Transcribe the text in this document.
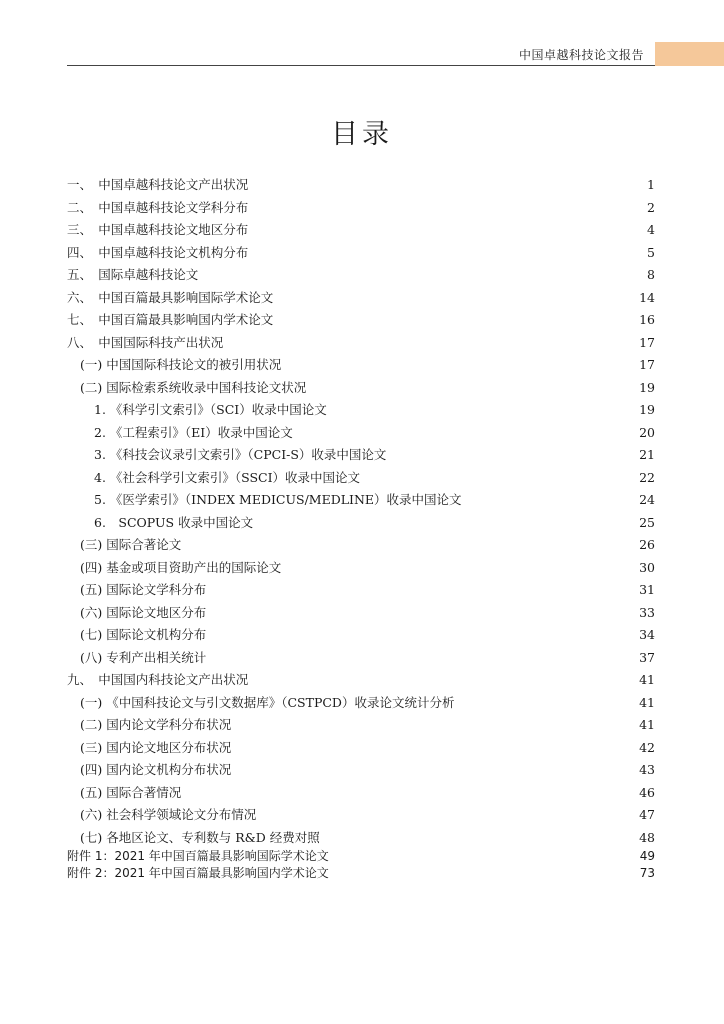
中国卓越科技论文报告
目录
一、　中国卓越科技论文产出状况	1
二、　中国卓越科技论文学科分布	2
三、　中国卓越科技论文地区分布	4
四、　中国卓越科技论文机构分布	5
五、　国际卓越科技论文	8
六、　中国百篇最具影响国际学术论文	14
七、　中国百篇最具影响国内学术论文	16
八、　中国国际科技产出状况	17
(一) 中国国际科技论文的被引用状况	17
(二) 国际检索系统收录中国科技论文状况	19
1. 《科学引文索引》（SCI）收录中国论文	19
2. 《工程索引》（EI）收录中国论文	20
3. 《科技会议录引文索引》（CPCI-S）收录中国论文	21
4. 《社会科学引文索引》（SSCI）收录中国论文	22
5. 《医学索引》（INDEX MEDICUS/MEDLINE）收录中国论文	24
6.　SCOPUS 收录中国论文	25
(三) 国际合著论文	26
(四) 基金或项目资助产出的国际论文	30
(五) 国际论文学科分布	31
(六) 国际论文地区分布	33
(七) 国际论文机构分布	34
(八) 专利产出相关统计	37
九、　中国国内科技论文产出状况	41
(一) 《中国科技论文与引文数据库》（CSTPCD）收录论文统计分析	41
(二) 国内论文学科分布状况	41
(三) 国内论文地区分布状况	42
(四) 国内论文机构分布状况	43
(五) 国际合著情况	46
(六) 社会科学领域论文分布情况	47
(七) 各地区论文、专利数与 R&D 经费对照	48
附件 1：2021 年中国百篇最具影响国际学术论文	49
附件 2：2021 年中国百篇最具影响国内学术论文	73
